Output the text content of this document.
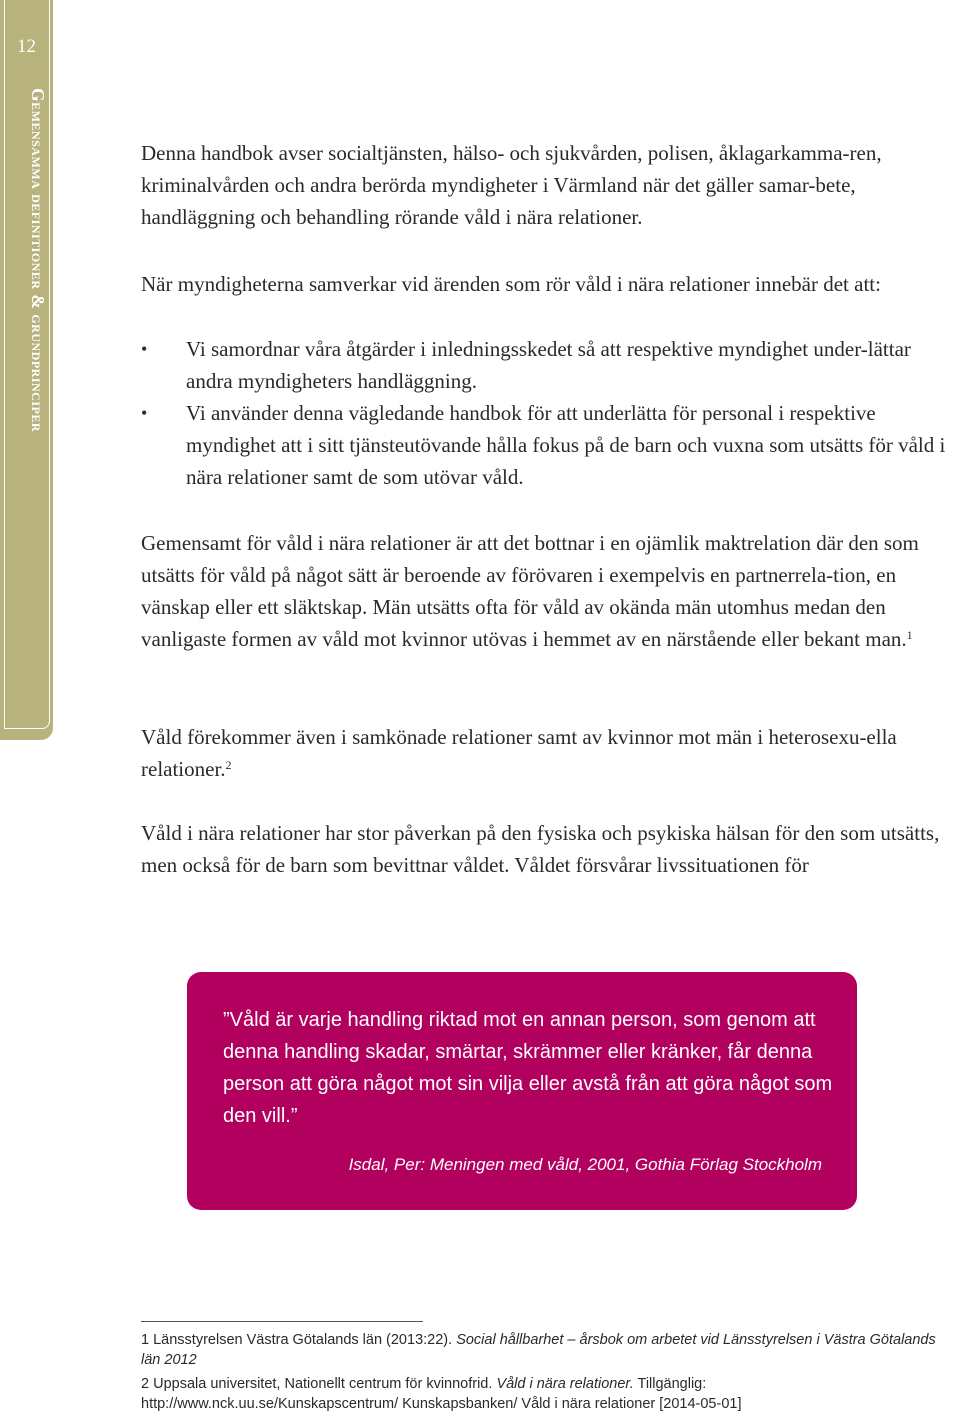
12
Gemensamma definitioner & grundprinciper	Denna handbok avser socialtjänsten, hälso- och sjukvården, polisen, åklagarkamma-ren, kriminalvården och andra berörda myndigheter i Värmland när det gäller samar-bete, handläggning och behandling rörande våld i nära relationer.

När myndigheterna samverkar vid ärenden som rör våld i nära relationer innebär det att:

• Vi samordnar våra åtgärder i inledningsskedet så att respektive myndighet under-lättar andra myndigheters handläggning.
• Vi använder denna vägledande handbok för att underlätta för personal i respektive myndighet att i sitt tjänsteutövande hålla fokus på de barn och vuxna som utsätts för våld i nära relationer samt de som utövar våld.

Gemensamt för våld i nära relationer är att det bottnar i en ojämlik maktrelation där den som utsätts för våld på något sätt är beroende av förövaren i exempelvis en partnerrela-tion, en vänskap eller ett släktskap. Män utsätts ofta för våld av okända män utomhus medan den vanligaste formen av våld mot kvinnor utövas i hemmet av en närstående eller bekant man.$^1$

Våld förekommer även i samkönade relationer samt av kvinnor mot män i heterosexu-ella relationer.$^2$

Våld i nära relationer har stor påverkan på den fysiska och psykiska hälsan för den som utsätts, men också för de barn som bevittnar våldet. Våldet försvårar livssituationen för

”Våld är varje handling riktad mot en annan person, som genom att denna handling skadar, smärtar, skrämmer eller kränker, får denna person att göra något mot sin vilja eller avstå från att göra något som den vill.”
Isdal, Per: Meningen med våld, 2001, Gothia Förlag Stockholm

1 Länsstyrelsen Västra Götalands län (2013:22). Social hållbarhet – årsbok om arbetet vid Länsstyrelsen i Västra Götalands län 2012

2 Uppsala universitet, Nationellt centrum för kvinnofrid. Våld i nära relationer. Tillgänglig: http://www.nck.uu.se/Kunskapscentrum/ Kunskapsbanken/ Våld i nära relationer [2014-05-01]
